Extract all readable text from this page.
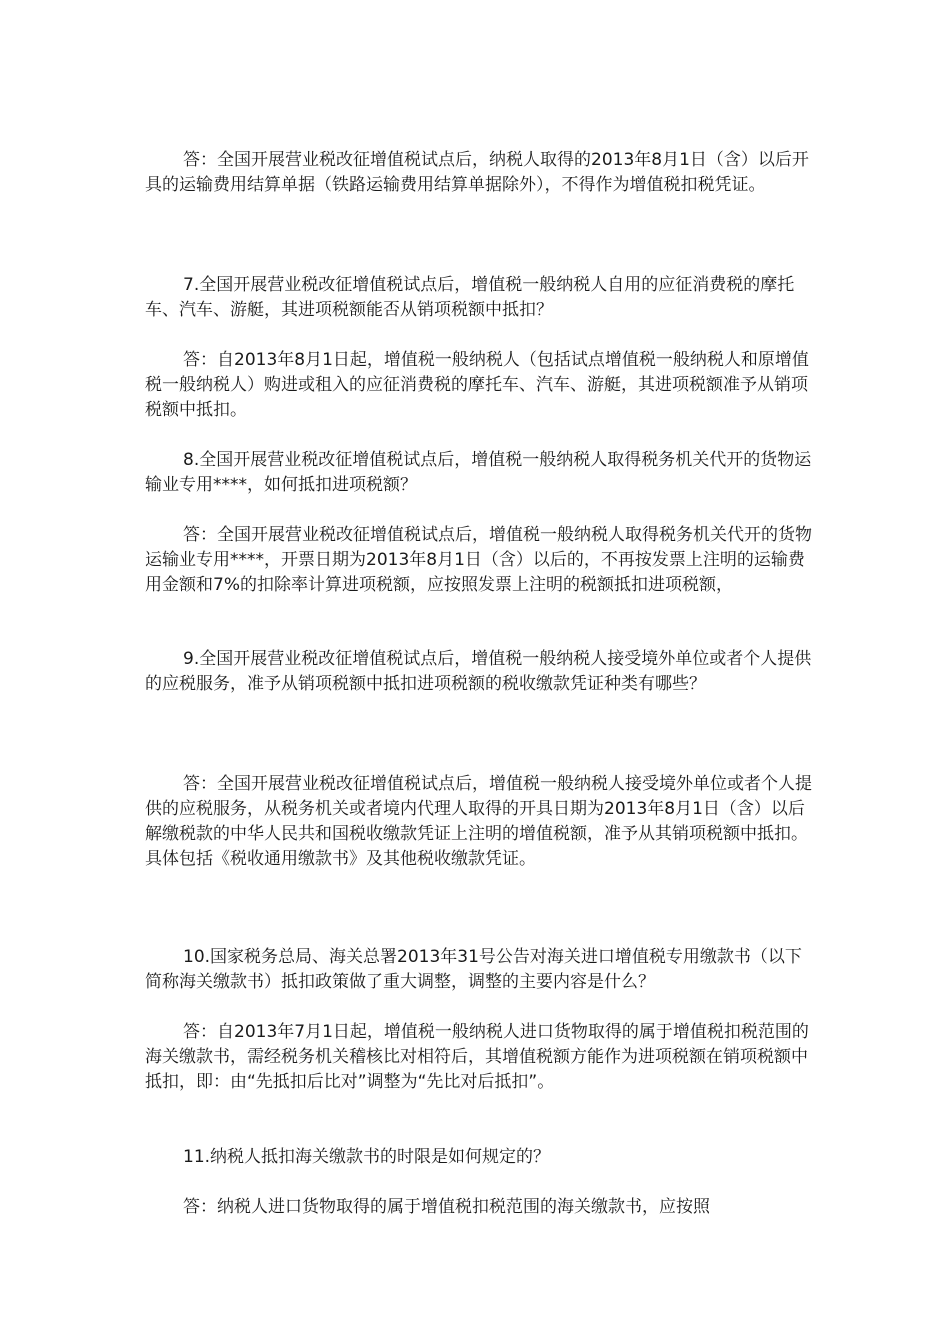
答：全国开展营业税改征增值税试点后，纳税人取得的2013年8月1日（含）以后开具的运输费用结算单据（铁路运输费用结算单据除外），不得作为增值税扣税凭证。

7.全国开展营业税改征增值税试点后，增值税一般纳税人自用的应征消费税的摩托车、汽车、游艇，其进项税额能否从销项税额中抵扣？

答：自2013年8月1日起，增值税一般纳税人（包括试点增值税一般纳税人和原增值税一般纳税人）购进或租入的应征消费税的摩托车、汽车、游艇，其进项税额准予从销项税额中抵扣。

8.全国开展营业税改征增值税试点后，增值税一般纳税人取得税务机关代开的货物运输业专用****，如何抵扣进项税额？

答：全国开展营业税改征增值税试点后，增值税一般纳税人取得税务机关代开的货物运输业专用****，开票日期为2013年8月1日（含）以后的，不再按发票上注明的运输费用金额和7%的扣除率计算进项税额，应按照发票上注明的税额抵扣进项税额，

9.全国开展营业税改征增值税试点后，增值税一般纳税人接受境外单位或者个人提供的应税服务，准予从销项税额中抵扣进项税额的税收缴款凭证种类有哪些？

答：全国开展营业税改征增值税试点后，增值税一般纳税人接受境外单位或者个人提供的应税服务，从税务机关或者境内代理人取得的开具日期为2013年8月1日（含）以后解缴税款的中华人民共和国税收缴款凭证上注明的增值税额，准予从其销项税额中抵扣。具体包括《税收通用缴款书》及其他税收缴款凭证。

10.国家税务总局、海关总署2013年31号公告对海关进口增值税专用缴款书（以下简称海关缴款书）抵扣政策做了重大调整，调整的主要内容是什么？

答：自2013年7月1日起，增值税一般纳税人进口货物取得的属于增值税扣税范围的海关缴款书，需经税务机关稽核比对相符后，其增值税额方能作为进项税额在销项税额中抵扣，即：由“先抵扣后比对”调整为“先比对后抵扣”。

11.纳税人抵扣海关缴款书的时限是如何规定的？

答：纳税人进口货物取得的属于增值税扣税范围的海关缴款书，应按照
